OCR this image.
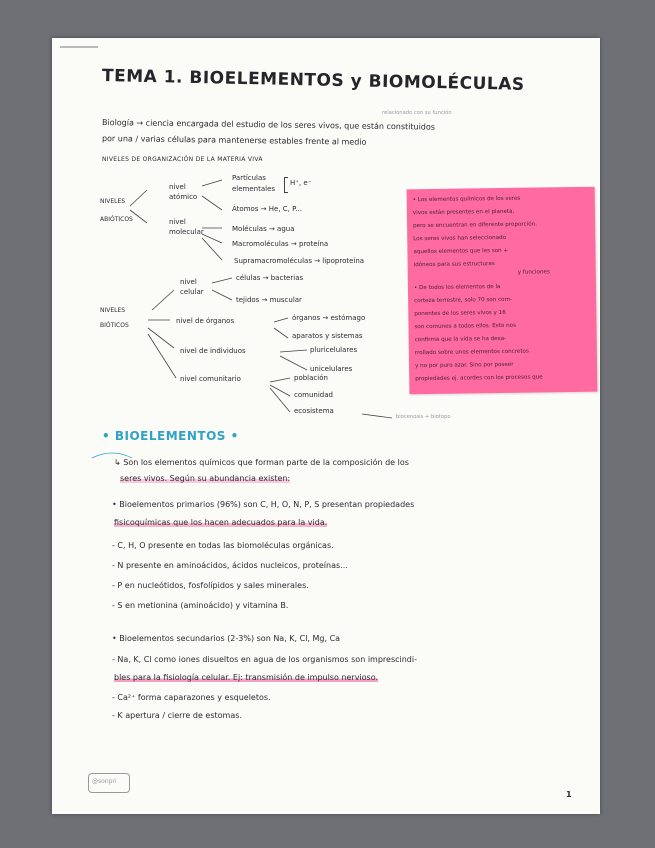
TEMA 1. BIOELEMENTOS y BIOMOLÉCULAS
relacionado con su función
Biología → ciencia encargada del estudio de los seres vivos, que están constituidos
por una / varias células para mantenerse estables frente al medio
NIVELES DE ORGANIZACIÓN DE LA MATERIA VIVA
NIVELES
ABIÓTICOS
nivel
atómico
Partículas
elementales
H⁺, e⁻
Átomos → He, C, P...
nivel
molecular	Moléculas → agua
Macromoléculas → proteína
Supramacromoléculas → lipoproteína
NIVELES
BIÓTICOS
nivel
celular
células → bacterias
tejidos → muscular
nivel de órganos	órganos → estómago
aparatos y sistemas
nivel de individuos	pluricelulares
unicelulares
nivel comunitario	población
comunidad
ecosistema
biocenosis + biotopo
• Los elementos químicos de los seres
vivos están presentes en el planeta,
pero se encuentran en diferente proporción.
Los seres vivos han seleccionado
aquellos elementos que les son +
idóneos para sus estructuras
y funciones
• De todos los elementos de la
corteza terrestre, solo 70 son com-
ponentes de los seres vivos y 16
son comunes a todos ellos. Esto nos
confirma que la vida se ha desa-
rrollado sobre unos elementos concretos
y no por puro azar. Sino por poseer
propiedades ej. acordes con los procesos que
• BIOELEMENTOS •
↳ Son los elementos químicos que forman parte de la composición de los
seres vivos. Según su abundancia existen:
• Bioelementos primarios (96%) son C, H, O, N, P, S presentan propiedades
fisicoquímicas que los hacen adecuados para la vida.
- C, H, O presente en todas las biomoléculas orgánicas.
- N presente en aminoácidos, ácidos nucleicos, proteínas...
- P en nucleótidos, fosfolípidos y sales minerales.
- S en metionina (aminoácido) y vitamina B.
• Bioelementos secundarios (2-3%) son Na, K, Cl, Mg, Ca
- Na, K, Cl como iones disueltos en agua de los organismos son imprescindi-
bles para la fisiología celular. Ej: transmisión de impulso nervioso.
- Ca²⁺ forma caparazones y esqueletos.
- K apertura / cierre de estomas.
@sonpri
1
